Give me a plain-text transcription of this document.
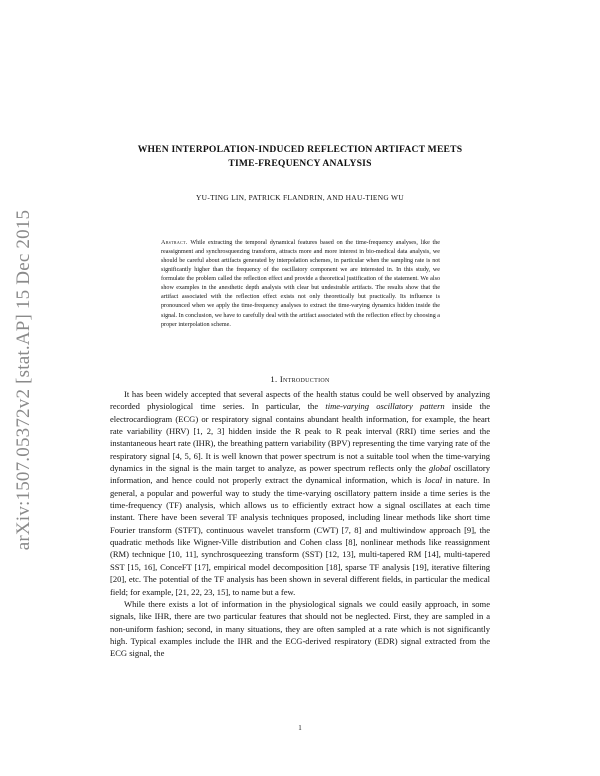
arXiv:1507.05372v2 [stat.AP] 15 Dec 2015
WHEN INTERPOLATION-INDUCED REFLECTION ARTIFACT MEETS
TIME-FREQUENCY ANALYSIS
YU-TING LIN, PATRICK FLANDRIN, AND HAU-TIENG WU

Abstract. While extracting the temporal dynamical features based on the time-frequency analyses, like the reassignment and synchrosqueezing transform, attracts more and more interest in bio-medical data analysis, we should be careful about artifacts generated by interpolation schemes, in particular when the sampling rate is not significantly higher than the frequency of the oscillatory component we are interested in. In this study, we formulate the problem called the reflection effect and provide a theoretical justification of the statement. We also show examples in the anesthetic depth analysis with clear but undesirable artifacts. The results show that the artifact associated with the reflection effect exists not only theoretically but practically. Its influence is pronounced when we apply the time-frequency analyses to extract the time-varying dynamics hidden inside the signal. In conclusion, we have to carefully deal with the artifact associated with the reflection effect by choosing a proper interpolation scheme.

1. Introduction

It has been widely accepted that several aspects of the health status could be well observed by analyzing recorded physiological time series. In particular, the time-varying oscillatory pattern inside the electrocardiogram (ECG) or respiratory signal contains abundant health information, for example, the heart rate variability (HRV) [1, 2, 3] hidden inside the R peak to R peak interval (RRI) time series and the instantaneous heart rate (IHR), the breathing pattern variability (BPV) representing the time varying rate of the respiratory signal [4, 5, 6]. It is well known that power spectrum is not a suitable tool when the time-varying dynamics in the signal is the main target to analyze, as power spectrum reflects only the global oscillatory information, and hence could not properly extract the dynamical information, which is local in nature. In general, a popular and powerful way to study the time-varying oscillatory pattern inside a time series is the time-frequency (TF) analysis, which allows us to efficiently extract how a signal oscillates at each time instant. There have been several TF analysis techniques proposed, including linear methods like short time Fourier transform (STFT), continuous wavelet transform (CWT) [7, 8] and multiwindow approach [9], the quadratic methods like Wigner-Ville distribution and Cohen class [8], nonlinear methods like reassignment (RM) technique [10, 11], synchrosqueezing transform (SST) [12, 13], multi-tapered RM [14], multi-tapered SST [15, 16], ConceFT [17], empirical model decomposition [18], sparse TF analysis [19], iterative filtering [20], etc. The potential of the TF analysis has been shown in several different fields, in particular the medical field; for example, [21, 22, 23, 15], to name but a few.

While there exists a lot of information in the physiological signals we could easily approach, in some signals, like IHR, there are two particular features that should not be neglected. First, they are sampled in a non-uniform fashion; second, in many situations, they are often sampled at a rate which is not significantly high. Typical examples include the IHR and the ECG-derived respiratory (EDR) signal extracted from the ECG signal, the

1
